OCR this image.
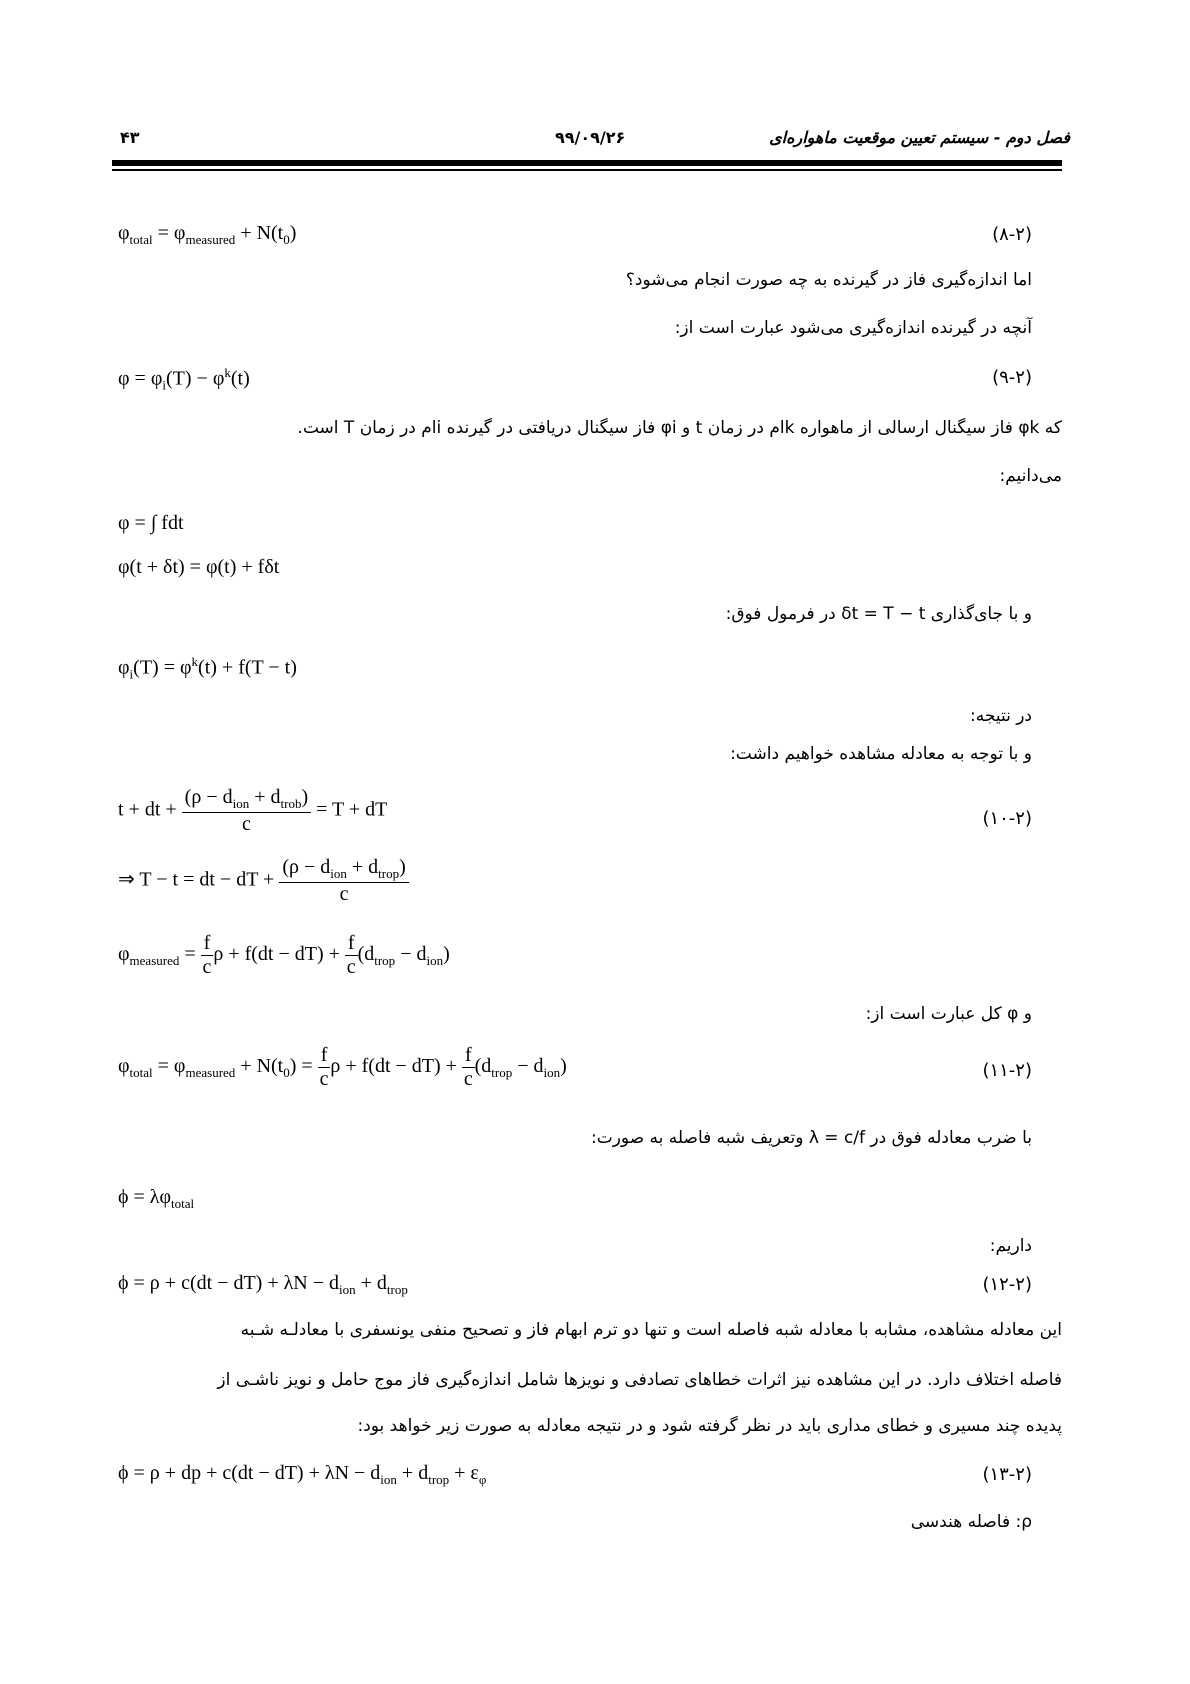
۴۳	۹۹/۰۹/۲۶	فصل دوم - سیستم تعیین موقعیت ماهواره‌ای
$\varphi_{total} = \varphi_{measured} + N(t_0)$	(۸-۲)
اما اندازه‌گیری فاز در گیرنده به چه صورت انجام می‌شود؟
آنچه در گیرنده اندازه‌گیری می‌شود عبارت است از:
$\varphi = \varphi_i(T) - \varphi^k(t)$	(۹-۲)
که φk فاز سیگنال ارسالی از ماهواره kام در زمان t و φi فاز سیگنال دریافتی در گیرنده iام در زمان T است.
می‌دانیم:
φ = ∫ fdt
φ(t + δt) = φ(t) + fδt
و با جای‌گذاری δt = T − t در فرمول فوق:
$\varphi_i(T) = \varphi^k(t) + f(T - t)$
در نتیجه:
و با توجه به معادله مشاهده خواهیم داشت:
t + dt + $\frac{(\rho - d_{ion} + d_{trob})}{c} = T$ + dT	(۱۰-۲)
⇒ T − t = dt − dT + $\frac{(\rho - d_{ion} + d_{trop})}{c}$
$\varphi_{measured} = \frac{f}{c}$ $\rho + f(dt - dT) + \frac{f}{c} (d_{trop} - d_{ion})$
و φ کل عبارت است از:
$\varphi_{total} = \varphi_{measured} + N(t_0) = \frac{f}{c}$ $\rho + f(dt - dT) + \frac{f}{c} (d_{trop} - d_{ion})$	(۱۱-۲)
با ضرب معادله فوق در λ = c/f وتعریف شبه فاصله به صورت:
$\phi = \lambda\varphi_{total}$
داریم:
$\phi = \rho + c(dt - dT) + \lambda N - d_{ion} + d_{trop}$	(۱۲-۲)
این معادله مشاهده، مشابه با معادله شبه فاصله است و تنها دو ترم ابهام فاز و تصحیح منفی یونسفری با معادلـه شـبه
فاصله اختلاف دارد. در این مشاهده نیز اثرات خطاهای تصادفی و نویزها شامل اندازه‌گیری فاز موج حامل و نویز ناشـی از
پدیده چند مسیری و خطای مداری باید در نظر گرفته شود و در نتیجه معادله به صورت زیر خواهد بود:
ϕ = ρ + dp + $c(dt - dT) + \lambda N - d_{ion} + d_{trop} + \varepsilon_\varphi$	(۱۳-۲)
ρ: فاصله هندسی
